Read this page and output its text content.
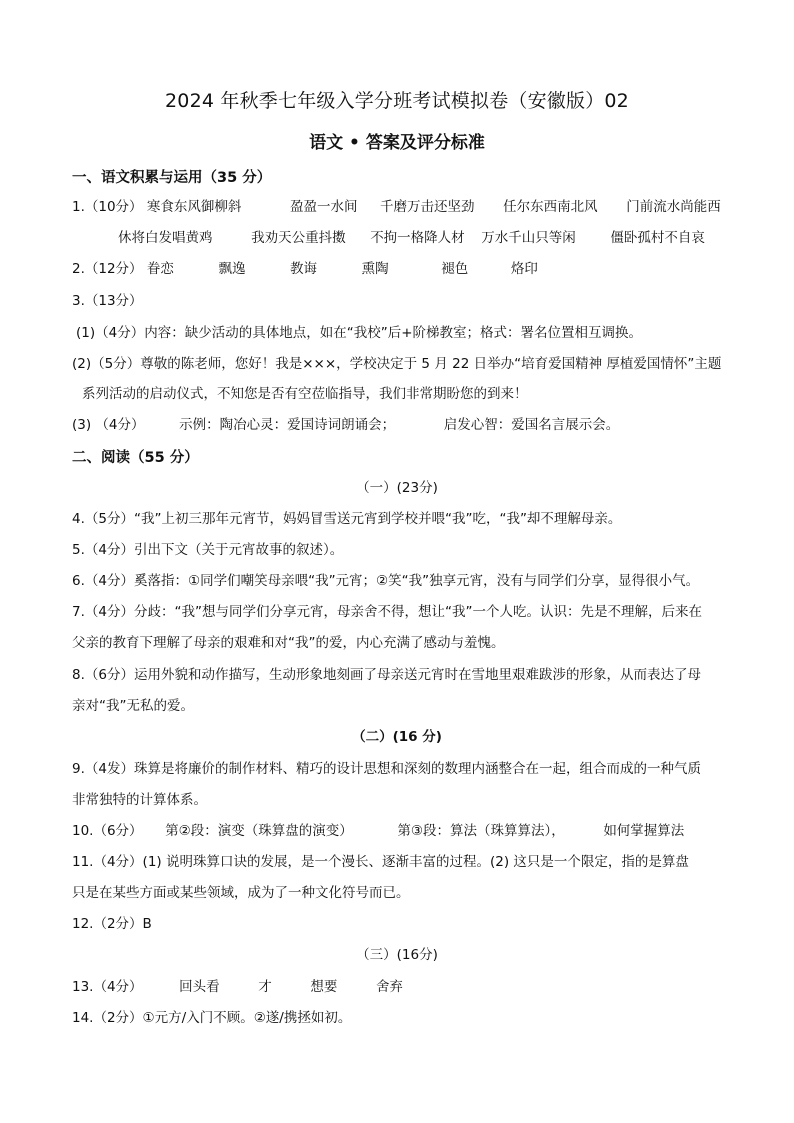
2024 年秋季七年级入学分班考试模拟卷（安徽版）02
语文 • 答案及评分标准
一、语文积累与运用（35 分）
1.（10分） 寒食东风御柳斜	盈盈一水间 千磨万击还坚劲 任尔东西南北风 门前流水尚能西
休将白发唱黄鸡	我劝天公重抖擞 不拘一格降人材 万水千山只等闲	僵卧孤村不自哀
2.（12分） 眷恋	飘逸	教诲	熏陶	褪色	烙印
3.（13分）
(1)（4分）内容：缺少活动的具体地点，如在“我校”后+阶梯教室；格式：署名位置相互调换。
(2)（5分）尊敬的陈老师，您好！我是×××，学校决定于 5 月 22 日举办“培育爱国精神 厚植爱国情怀”主题
系列活动的启动仪式，不知您是否有空莅临指导，我们非常期盼您的到来！
(3) （4分）	示例：陶冶心灵：爱国诗词朗诵会；	启发心智：爱国名言展示会。
二、阅读（55 分）
（一）(23分)
4.（5分）“我”上初三那年元宵节，妈妈冒雪送元宵到学校并喂“我”吃，“我”却不理解母亲。
5.（4分）引出下文（关于元宵故事的叙述）。
6.（4分）奚落指：①同学们嘲笑母亲喂“我”元宵；②笑“我”独享元宵，没有与同学们分享，显得很小气。
7.（4分）分歧：“我”想与同学们分享元宵，母亲舍不得，想让“我”一个人吃。认识：先是不理解，后来在
父亲的教育下理解了母亲的艰难和对“我”的爱，内心充满了感动与羞愧。
8.（6分）运用外貌和动作描写，生动形象地刻画了母亲送元宵时在雪地里艰难跋涉的形象，从而表达了母
亲对“我”无私的爱。
（二）(16 分)
9.（4发）珠算是将廉价的制作材料、精巧的设计思想和深刻的数理内涵整合在一起，组合而成的一种气质
非常独特的计算体系。
10.（6分） 第②段：演变（珠算盘的演变）	第③段：算法（珠算算法），	如何掌握算法
11.（4分）(1) 说明珠算口诀的发展，是一个漫长、逐渐丰富的过程。(2) 这只是一个限定，指的是算盘
只是在某些方面或某些领域，成为了一种文化符号而已。
12.（2分）B
（三）(16分)
13.（4分）	回头看	才	想要	舍弃
14.（2分）①元方/入门不顾。②遂/携拯如初。
